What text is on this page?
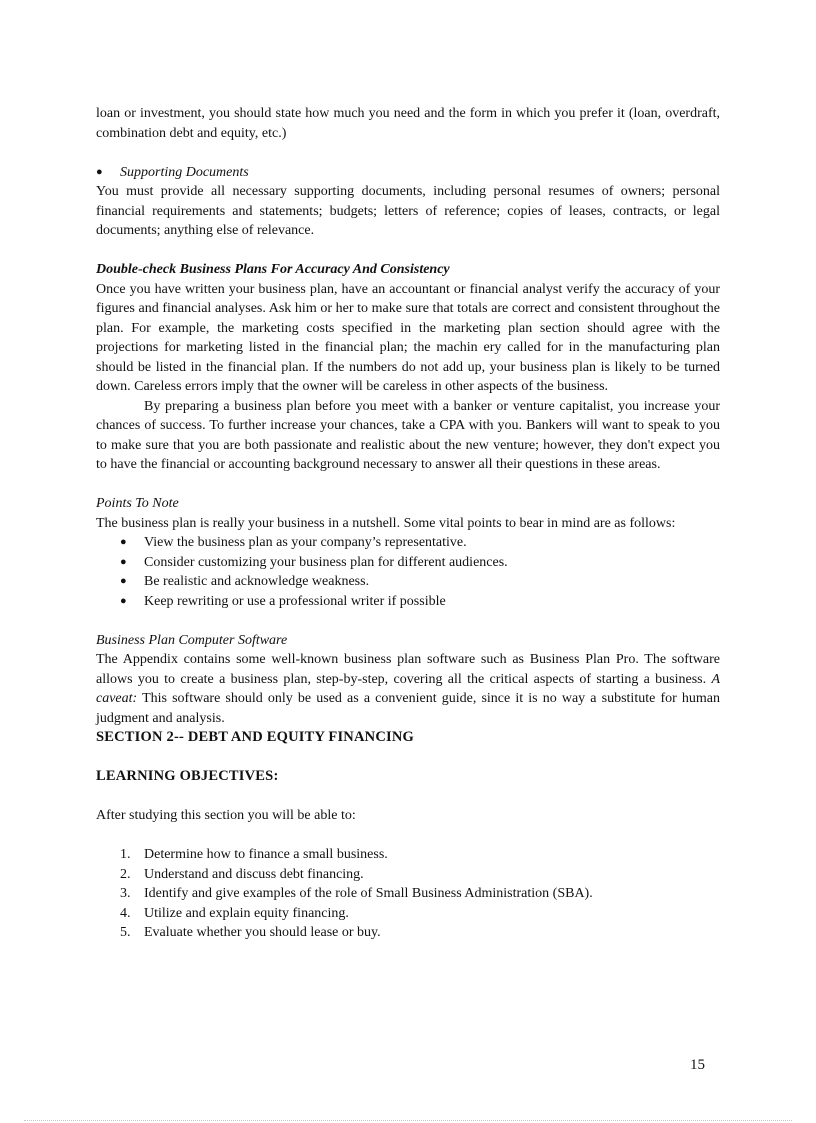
loan or investment, you should state how much you need and the form in which you prefer it (loan, overdraft, combination debt and equity, etc.)

● Supporting Documents

You must provide all necessary supporting documents, including personal resumes of owners; personal financial requirements and statements; budgets; letters of reference; copies of leases, contracts, or legal documents; anything else of relevance.

Double-check Business Plans For Accuracy And Consistency

Once you have written your business plan, have an accountant or financial analyst verify the accuracy of your figures and financial analyses. Ask him or her to make sure that totals are correct and consistent throughout the plan. For example, the marketing costs specified in the marketing plan section should agree with the projections for marketing listed in the financial plan; the machin ery called for in the manufacturing plan should be listed in the financial plan. If the numbers do not add up, your business plan is likely to be turned down. Careless errors imply that the owner will be careless in other aspects of the business.

By preparing a business plan before you meet with a banker or venture capitalist, you increase your chances of success. To further increase your chances, take a CPA with you. Bankers will want to speak to you to make sure that you are both passionate and realistic about the new venture; however, they don't expect you to have the financial or accounting background necessary to answer all their questions in these areas.

Points To Note

The business plan is really your business in a nutshell. Some vital points to bear in mind are as follows:

● View the business plan as your company’s representative.
● Consider customizing your business plan for different audiences.
● Be realistic and acknowledge weakness.
● Keep rewriting or use a professional writer if possible
Business Plan Computer Software

The Appendix contains some well-known business plan software such as Business Plan Pro. The software allows you to create a business plan, step-by-step, covering all the critical aspects of starting a business. A caveat: This software should only be used as a convenient guide, since it is no way a substitute for human judgment and analysis.

SECTION 2-- DEBT AND EQUITY FINANCING
LEARNING OBJECTIVES:

After studying this section you will be able to:

1. Determine how to finance a small business.
2. Understand and discuss debt financing.
3. Identify and give examples of the role of Small Business Administration (SBA).
4. Utilize and explain equity financing.
5. Evaluate whether you should lease or buy.
15
